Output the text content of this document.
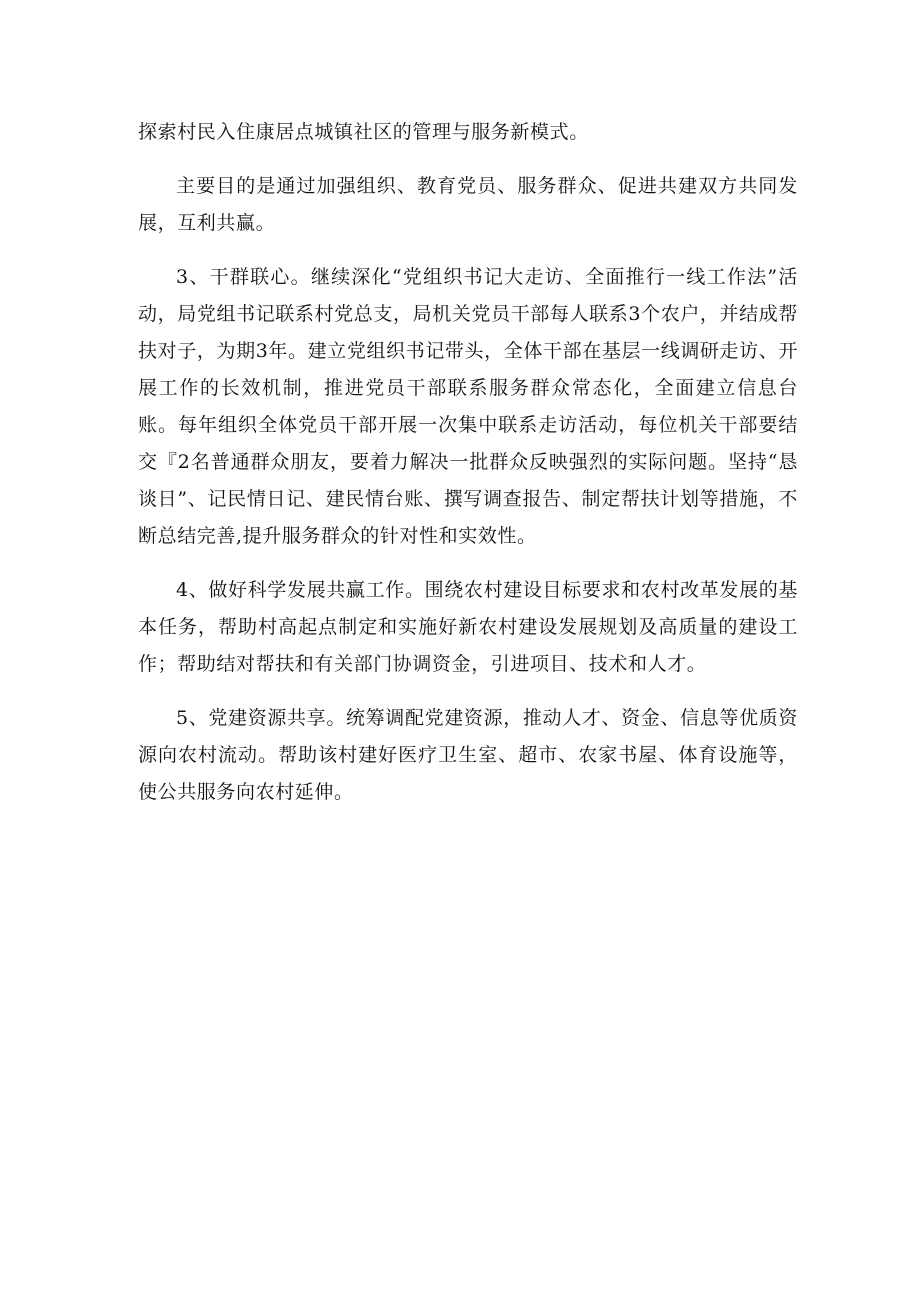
探索村民入住康居点城镇社区的管理与服务新模式。

主要目的是通过加强组织、教育党员、服务群众、促进共建双方共同发展，互利共赢。

3、干群联心。继续深化“党组织书记大走访、全面推行一线工作法”活动，局党组书记联系村党总支，局机关党员干部每人联系3个农户，并结成帮扶对子，为期3年。建立党组织书记带头，全体干部在基层一线调研走访、开展工作的长效机制，推进党员干部联系服务群众常态化，全面建立信息台账。每年组织全体党员干部开展一次集中联系走访活动，每位机关干部要结交『2名普通群众朋友，要着力解决一批群众反映强烈的实际问题。坚持“恳谈日”、记民情日记、建民情台账、撰写调查报告、制定帮扶计划等措施，不断总结完善,提升服务群众的针对性和实效性。

4、做好科学发展共赢工作。围绕农村建设目标要求和农村改革发展的基本任务，帮助村高起点制定和实施好新农村建设发展规划及高质量的建设工作；帮助结对帮扶和有关部门协调资金，引进项目、技术和人才。

5、党建资源共享。统筹调配党建资源，推动人才、资金、信息等优质资源向农村流动。帮助该村建好医疗卫生室、超市、农家书屋、体育设施等，使公共服务向农村延伸。
